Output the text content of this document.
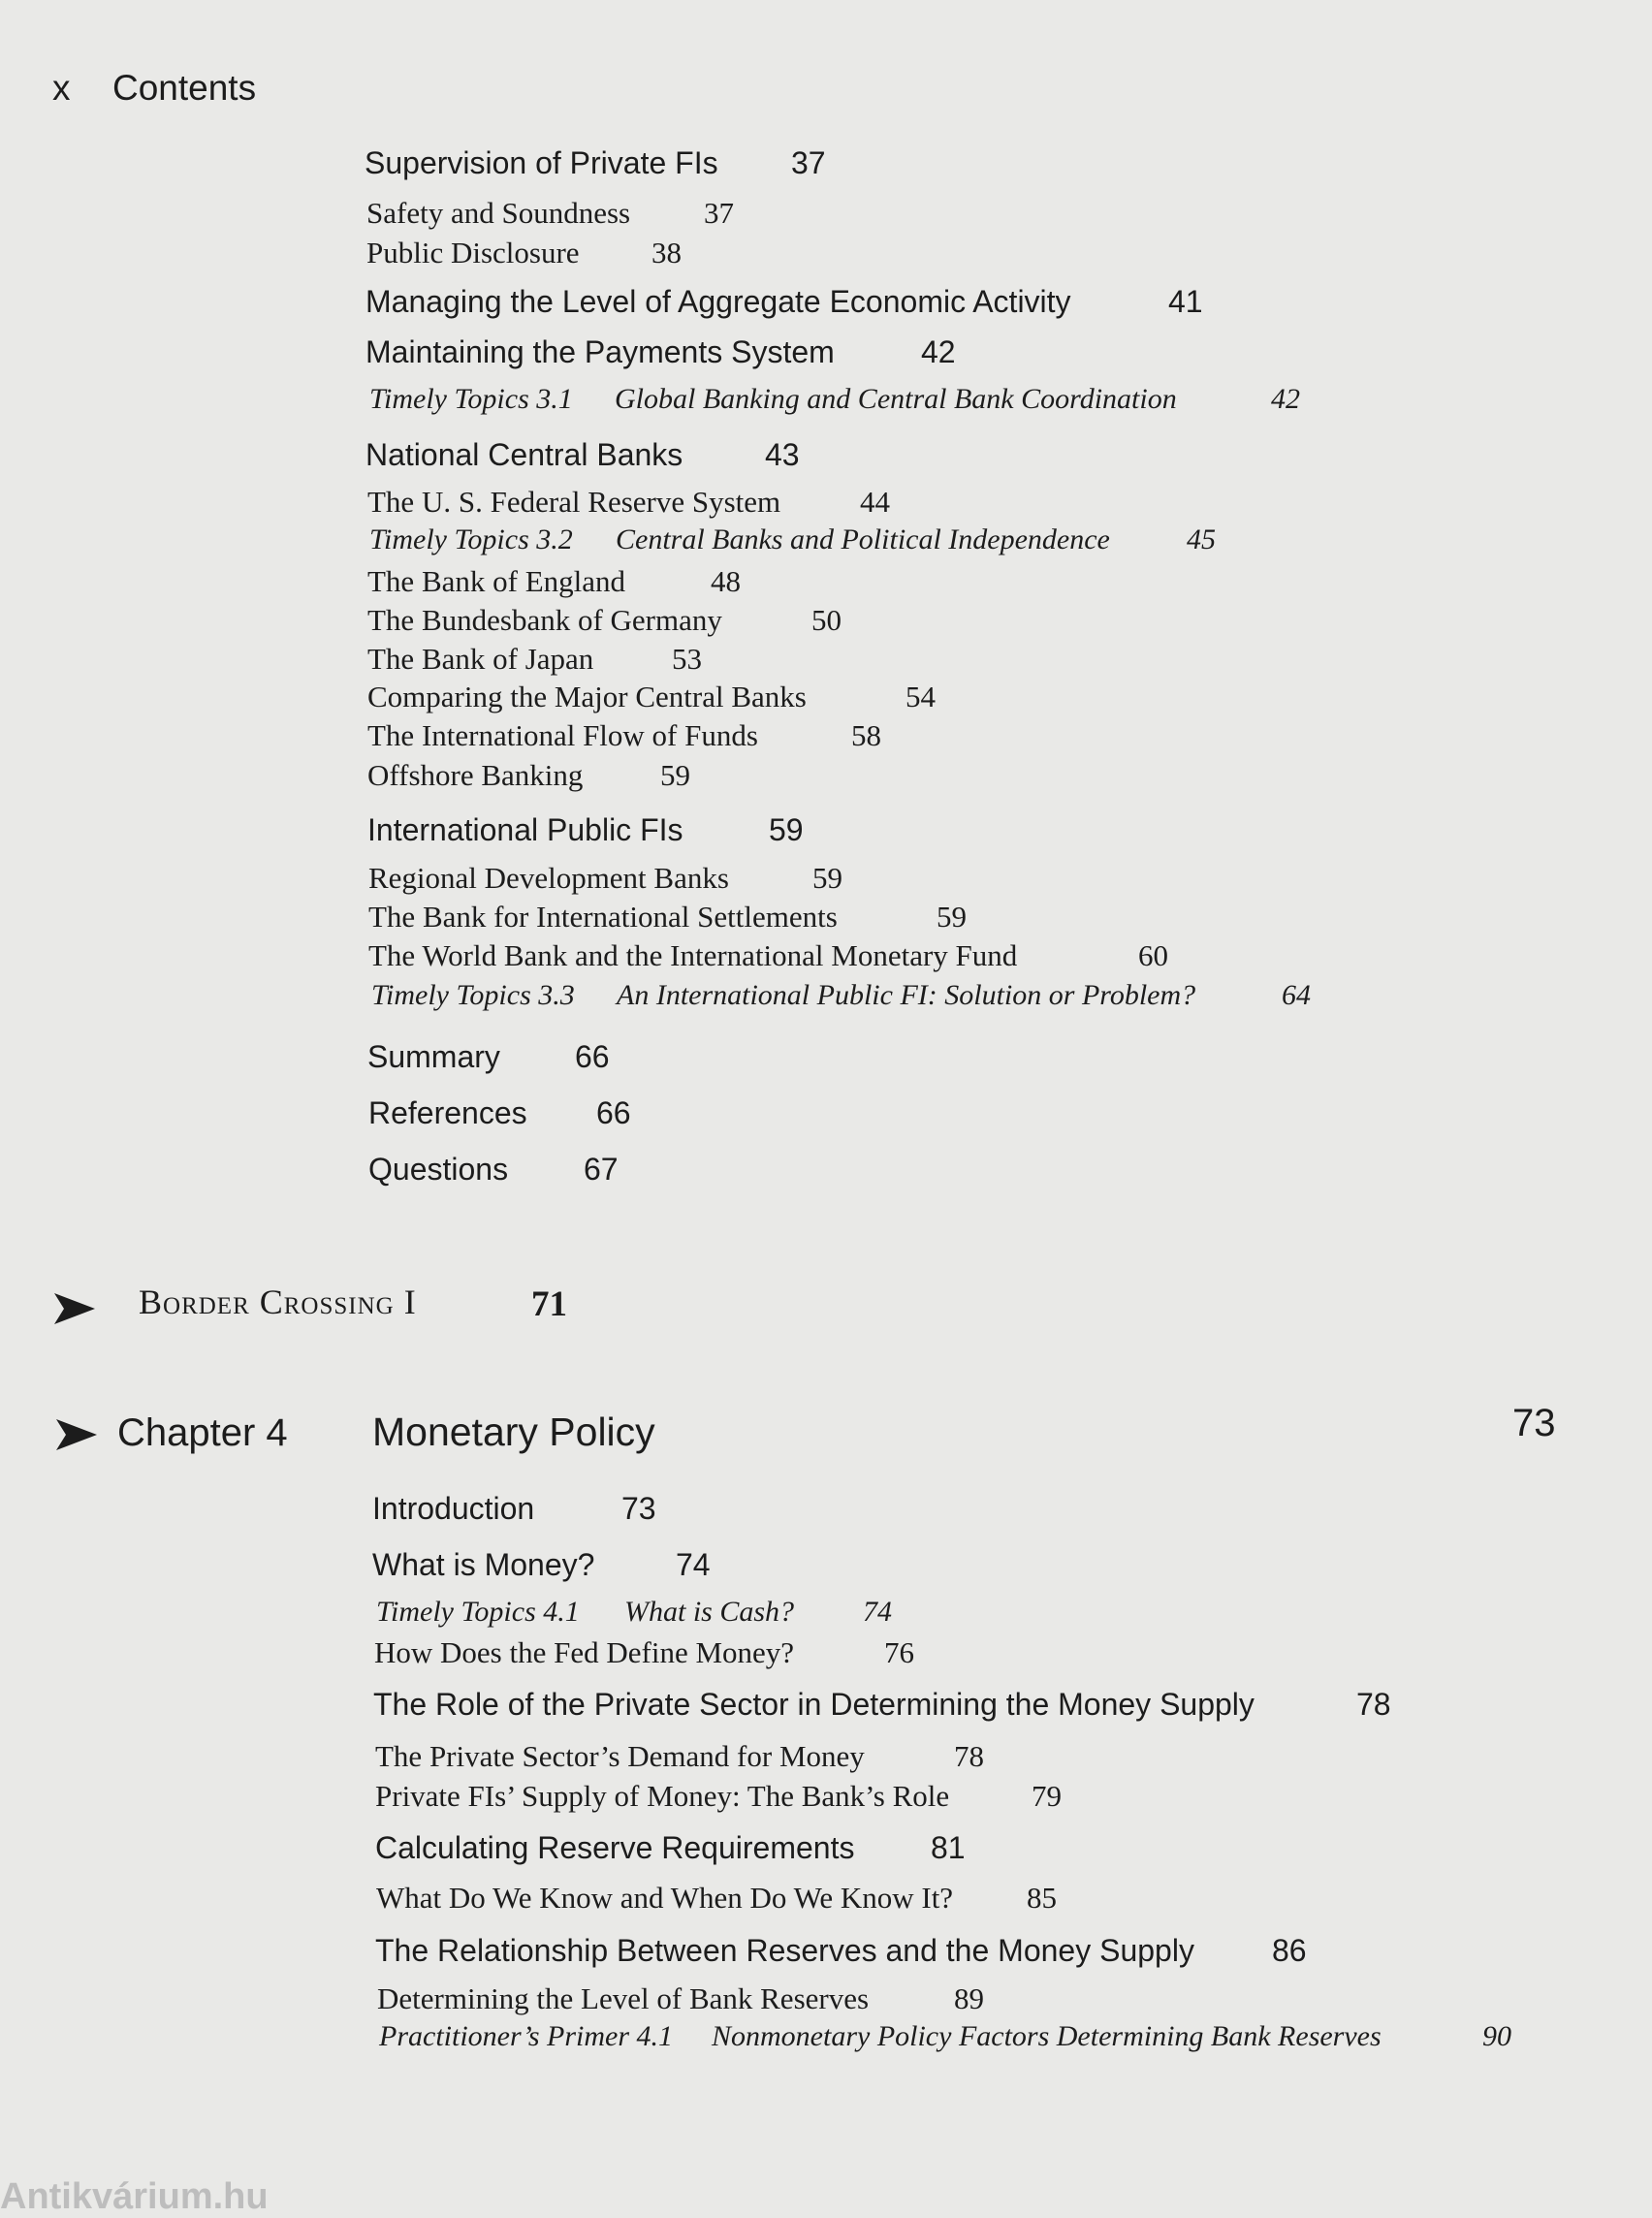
x Contents
Supervision of Private FIs 37
Safety and Soundness 37
Public Disclosure 38
Managing the Level of Aggregate Economic Activity	41
Maintaining the Payments System	42
Timely Topics 3.1 Global Banking and Central Bank Coordination	42
National Central Banks	43
The U. S. Federal Reserve System	44
Timely Topics 3.2 Central Banks and Political Independence	45
The Bank of England	48
The Bundesbank of Germany	50
The Bank of Japan	53
Comparing the Major Central Banks	54
The International Flow of Funds	58
Offshore Banking	59
International Public FIs	59
Regional Development Banks	59
The Bank for International Settlements	59
The World Bank and the International Monetary Fund	60
Timely Topics 3.3 An International Public FI: Solution or Problem?	64
Summary 66
References 66
Questions 67
Border Crossing I	71
Chapter 4 Monetary Policy	73
Introduction	73
What is Money?	74
Timely Topics 4.1 What is Cash? 74
How Does the Fed Define Money?	76
The Role of the Private Sector in Determining the Money Supply	78
The Private Sector’s Demand for Money	78
Private FIs’ Supply of Money: The Bank’s Role	79
Calculating Reserve Requirements 81
What Do We Know and When Do We Know It? 85
The Relationship Between Reserves and the Money Supply	86
Determining the Level of Bank Reserves	89
Practitioner’s Primer 4.1 Nonmonetary Policy Factors Determining Bank Reserves	90
Antikvárium.hu
